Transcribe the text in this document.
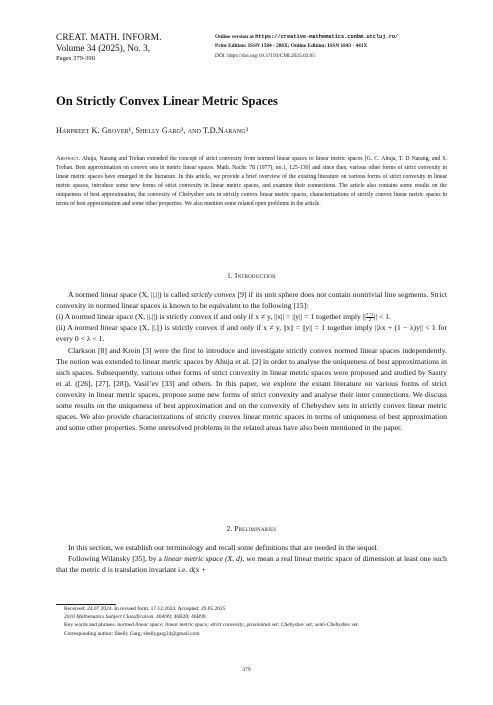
CREAT. MATH. INFORM.
Volume 34 (2025), No. 3,
Pages 379-390
Online version at https://creative-mathematics.cunbm.utcluj.ro/
Print Edition: ISSN 1584 - 286X; Online Edition: ISSN 1843 - 441X
DOI: https://doi.org/10.37193/CMI.2025.03.05
On Strictly Convex Linear Metric Spaces
Harpreet K. Grover¹, Shelly Garg², and T.D.Narang³
Abstract. Ahuja, Narang and Trehan extended the concept of strict convexity from normed linear spaces to linear metric spaces [G. C. Ahuja, T. D Narang, and S. Trehan. Best approximation on convex sets in metric linear spaces. Math. Nachr. 78 (1977), no.1, 125-130] and since then, various other forms of strict convexity in linear metric spaces have emerged in the literature. In this article, we provide a brief overview of the existing literature on various forms of strict convexity in linear metric spaces, introduce some new forms of strict convexity in linear metric spaces, and examine their connections. The article also contains some results on the uniqueness of best approximation, the convexity of Chebyshev sets in strictly convex linear metric spaces, characterizations of strictly convex linear metric spaces in terms of best approximation and some other properties. We also mention some related open problems in the article.
1. Introduction

A normed linear space (X, ||.||) is called strictly convex [9] if its unit sphere does not contain nontrivial line segments. Strict convexity in normed linear spaces is known to be equivalent to the following [15]:

(i) A normed linear space (X, ||.||) is strictly convex if and only if x ≠ y, ||x|| = ||y|| = 1 together imply || $\frac{x+y}{2}$ || < 1.

(ii) A normed linear space (X, ||.||) is strictly convex if and only if x ≠ y, ||x|| = ||y|| = 1 together imply ||λx + (1 − λ)y|| < 1 for every 0 < λ < 1.

Clarkson [8] and Krein [3] were the first to introduce and investigate strictly convex normed linear spaces independently. The notion was extended to linear metric spaces by Ahuja et al. [2] in order to analyse the uniqueness of best approximations in such spaces. Subsequently, various other forms of strict convexity in linear metric spaces were proposed and studied by Sastry et al. ([26], [27], [28]), Vasil’ev [33] and others. In this paper, we explore the extant literature on various forms of strict convexity in linear metric spaces, propose some new forms of strict convexity and analyse their inter connections. We discuss some results on the uniqueness of best approximation and on the convexity of Chebyshev sets in strictly convex linear metric spaces. We also provide characterizations of strictly convex linear metric spaces in terms of uniqueness of best approximation and some other properties. Some unresolved problems in the related areas have also been mentioned in the paper.

2. Preliminaries

In this section, we establish our terminology and recall some definitions that are needed in the sequel.

Following Wilansky [35], by a linear metric space (X, d), we mean a real linear metric space of dimension at least one such that the metric d is translation invariant i.e. d(x +

Received: 24.07.2024. In revised form: 17.12.2024. Accepted: 29.05.2025

2010 Mathematics Subject Classification. 46A99; 46B20; 46B99.

Key words and phrases. normed linear space; linear metric space; strict convexity; proximinal set; Chebyshev set; semi-Chebyshev set.

Corresponding author: Shelly Garg; shellygarg24@gmail.com

379
